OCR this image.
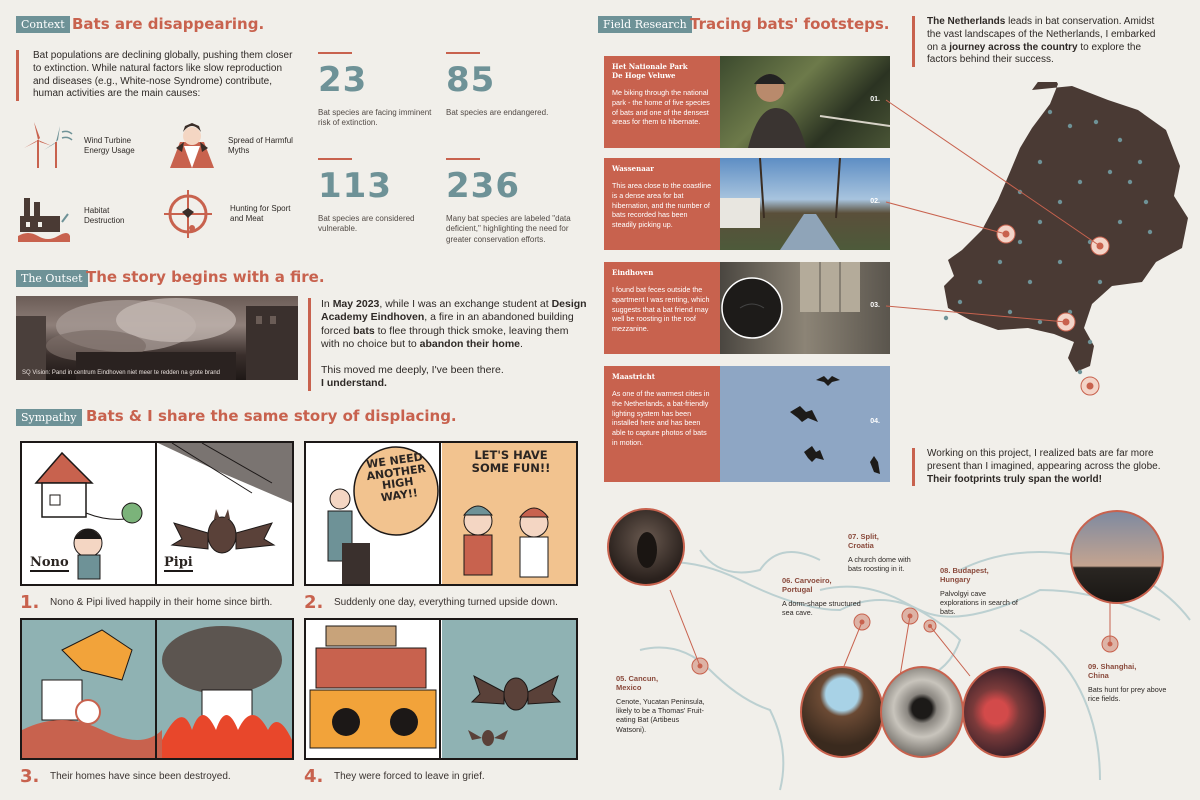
Context Bats are disappearing.
Bat populations are declining globally, pushing them closer to extinction. While natural factors like slow reproduction and diseases (e.g., White-nose Syndrome) contribute, human activities are the main causes:
Wind Turbine Energy Usage
Spread of Harmful Myths
Habitat Destruction
Hunting for Sport and Meat
23
Bat species are facing imminent risk of extinction.
85
Bat species are endangered.
113
Bat species are considered vulnerable.
236
Many bat species are labeled "data deficient," highlighting the need for greater conservation efforts.
The Outset The story begins with a fire.
SQ Vision: Pand in centrum Eindhoven niet meer te redden na grote brand

In May 2023, while I was an exchange student at Design Academy Eindhoven, a fire in an abandoned building forced bats to flee through thick smoke, leaving them with no choice but to abandon their home.

This moved me deeply, I've been there.

I understand.

Sympathy Bats & I share the same story of displacing.
Nono	Pipi
1. Nono & Pipi lived happily in their home since birth.
WE NEED ANOTHER HIGH WAY!!
LET'S HAVE SOME FUN!!
2. Suddenly one day, everything turned upside down.
3. Their homes have since been destroyed.	4. They were forced to leave in grief.
Field Research Tracing bats' footsteps.	The Netherlands leads in bat conservation. Amidst the vast landscapes of the Netherlands, I embarked on a journey across the country to explore the factors behind their success.
Het Nationale Park
De Hoge Veluwe
Me biking through the national park - the home of five species of bats and one of the densest areas for them to hibernate.
01.
Wassenaar
This area close to the coastline is a dense area for bat hibernation, and the number of bats recorded has been steadily picking up.
02.
Eindhoven
I found bat feces outside the apartment I was renting, which suggests that a bat friend may well be roosting in the roof mezzanine.
03.
Maastricht
As one of the warmest cities in the Netherlands, a bat-friendly lighting system has been installed here and has been able to capture photos of bats in motion.
04.
Working on this project, I realized bats are far more present than I imagined, appearing across the globe. Their footprints truly span the world!
05. Cancun,
Mexico
Cenote, Yucatan Peninsula, likely to be a Thomas' Fruit-eating Bat (Artibeus Watsoni).
06. Carvoeiro,
Portugal
A dorm-shape structured sea cave.
07. Split,
Croatia
A church dome with bats roosting in it.	08. Budapest,
Hungary
Palvolgyi cave explorations in search of bats.
09. Shanghai,
China
Bats hunt for prey above rice fields.
